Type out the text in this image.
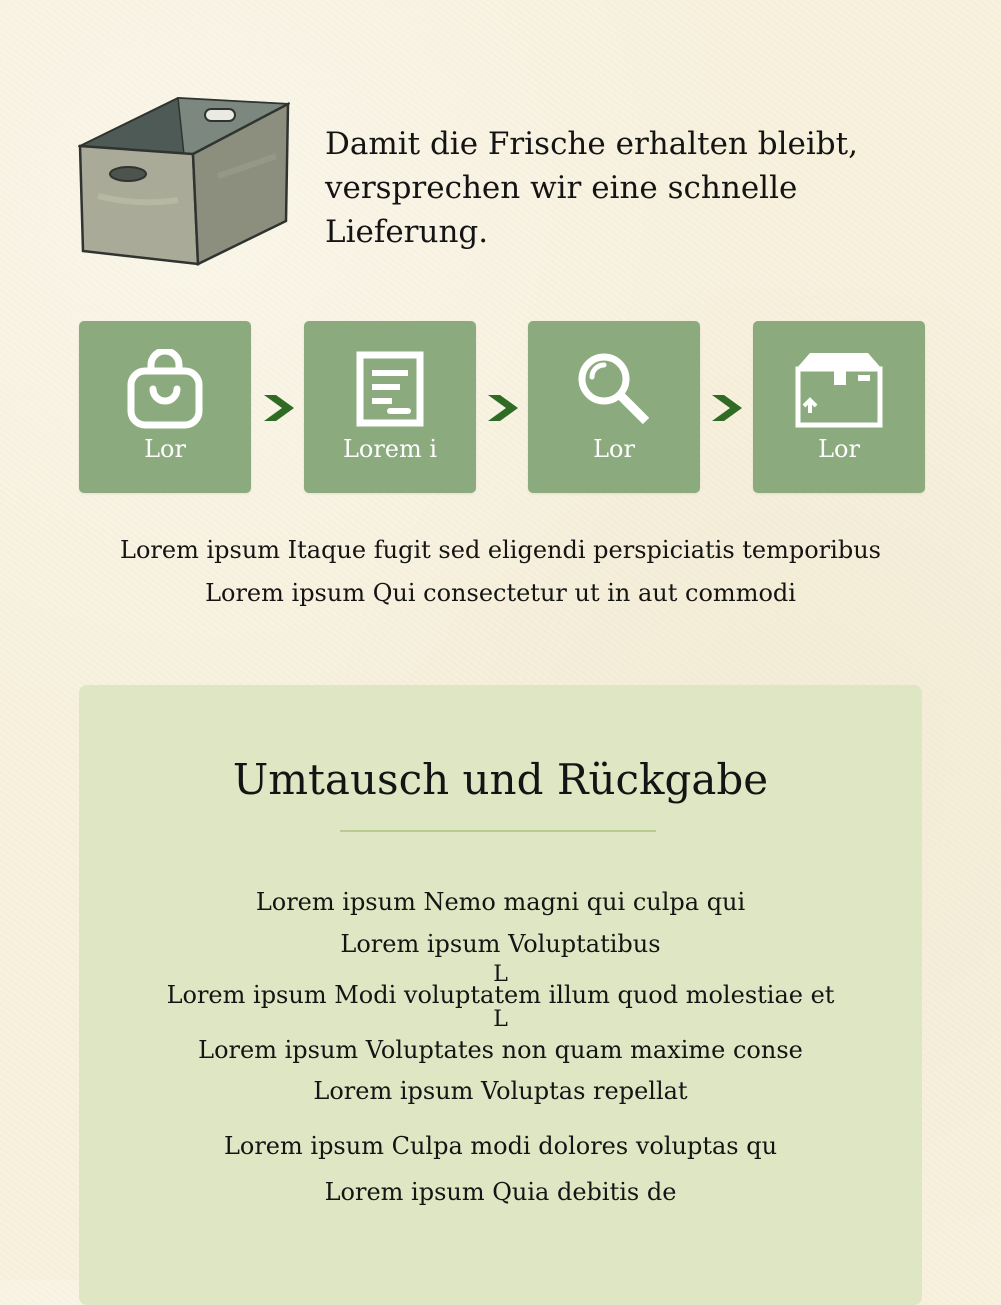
Damit die Frische erhalten bleibt, versprechen wir eine schnelle Lieferung.

Lor	Lorem i	Lor	Lor
Lorem ipsum Itaque fugit sed eligendi perspiciatis temporibus
Lorem ipsum Qui consectetur ut in aut commodi
Umtausch und Rückgabe
Lorem ipsum Nemo magni qui culpa qui
Lorem ipsum Voluptatibus
L
Lorem ipsum Modi voluptatem illum quod molestiae et
L
Lorem ipsum Voluptates non quam maxime conse
Lorem ipsum Voluptas repellat
Lorem ipsum Culpa modi dolores voluptas qu
Lorem ipsum Quia debitis de
